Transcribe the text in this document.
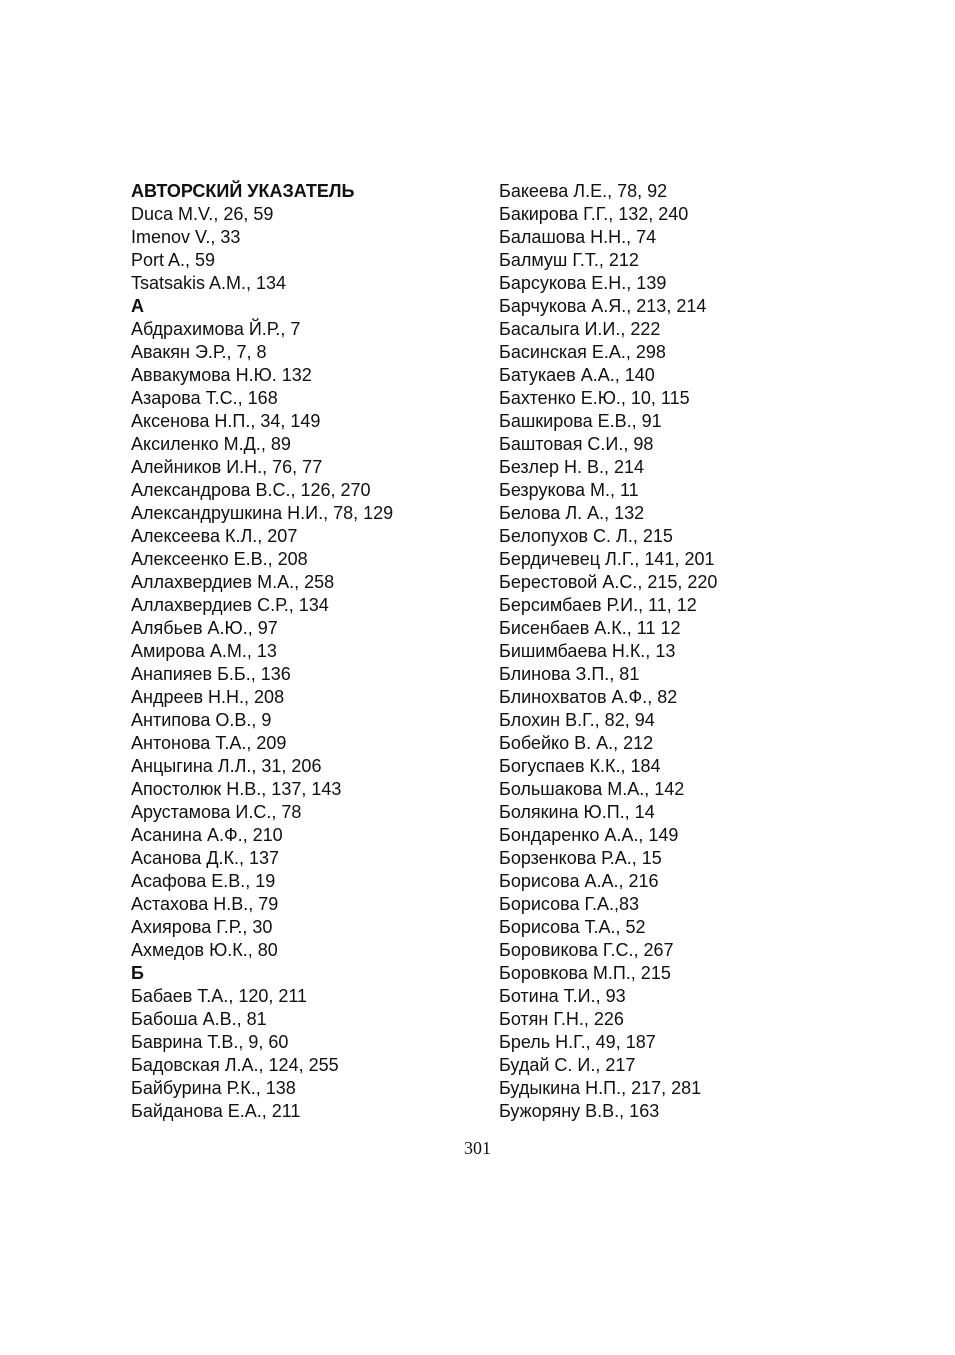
АВТОРСКИЙ УКАЗАТЕЛЬ
Duca M.V., 26, 59
Imenov V., 33
Port A., 59
Tsatsakis A.M., 134
А
Абдрахимова Й.Р., 7
Авакян Э.Р., 7, 8
Аввакумова Н.Ю. 132
Азарова Т.С., 168
Аксенова Н.П., 34, 149
Аксиленко М.Д., 89
Алейников И.Н., 76, 77
Александрова В.С., 126, 270
Александрушкина Н.И., 78, 129
Алексеева К.Л., 207
Алексеенко Е.В., 208
Аллахвердиев М.А., 258
Аллахвердиев С.Р., 134
Алябьев А.Ю., 97
Амирова А.М., 13
Анапияев Б.Б., 136
Андреев Н.Н., 208
Антипова О.В., 9
Антонова Т.А., 209
Анцыгина Л.Л., 31, 206
Апостолюк Н.В., 137, 143
Арустамова И.С., 78
Асанина А.Ф., 210
Асанова Д.К., 137
Асафова Е.В., 19
Астахова Н.В., 79
Ахиярова Г.Р., 30
Ахмедов Ю.К., 80
Б
Бабаев Т.А., 120, 211
Бабоша А.В., 81
Баврина Т.В., 9, 60
Бадовская Л.А., 124, 255
Байбурина Р.К., 138
Байданова Е.А., 211
Бакеева Л.Е., 78, 92
Бакирова Г.Г., 132, 240
Балашова Н.Н., 74
Балмуш Г.Т., 212
Барсукова Е.Н., 139
Барчукова А.Я., 213, 214
Басалыга И.И., 222
Басинская Е.А., 298
Батукаев А.А., 140
Бахтенко Е.Ю., 10, 115
Башкирова Е.В., 91
Баштовая С.И., 98
Безлер Н. В., 214
Безрукова М., 11
Белова Л. А., 132
Белопухов С. Л., 215
Бердичевец Л.Г., 141, 201
Берестовой А.С., 215, 220
Берсимбаев Р.И., 11, 12
Бисенбаев А.К., 11 12
Бишимбаева Н.К., 13
Блинова З.П., 81
Блинохватов А.Ф., 82
Блохин В.Г., 82, 94
Бобейко В. А., 212
Богуспаев К.К., 184
Большакова М.А., 142
Болякина Ю.П., 14
Бондаренко А.А., 149
Борзенкова Р.А., 15
Борисова А.А., 216
Борисова Г.А.,83
Борисова Т.А., 52
Боровикова Г.С., 267
Боровкова М.П., 215
Ботина Т.И., 93
Ботян Г.Н., 226
Брель Н.Г., 49, 187
Будай С. И., 217
Будыкина Н.П., 217, 281
Бужоряну В.В., 163
301
